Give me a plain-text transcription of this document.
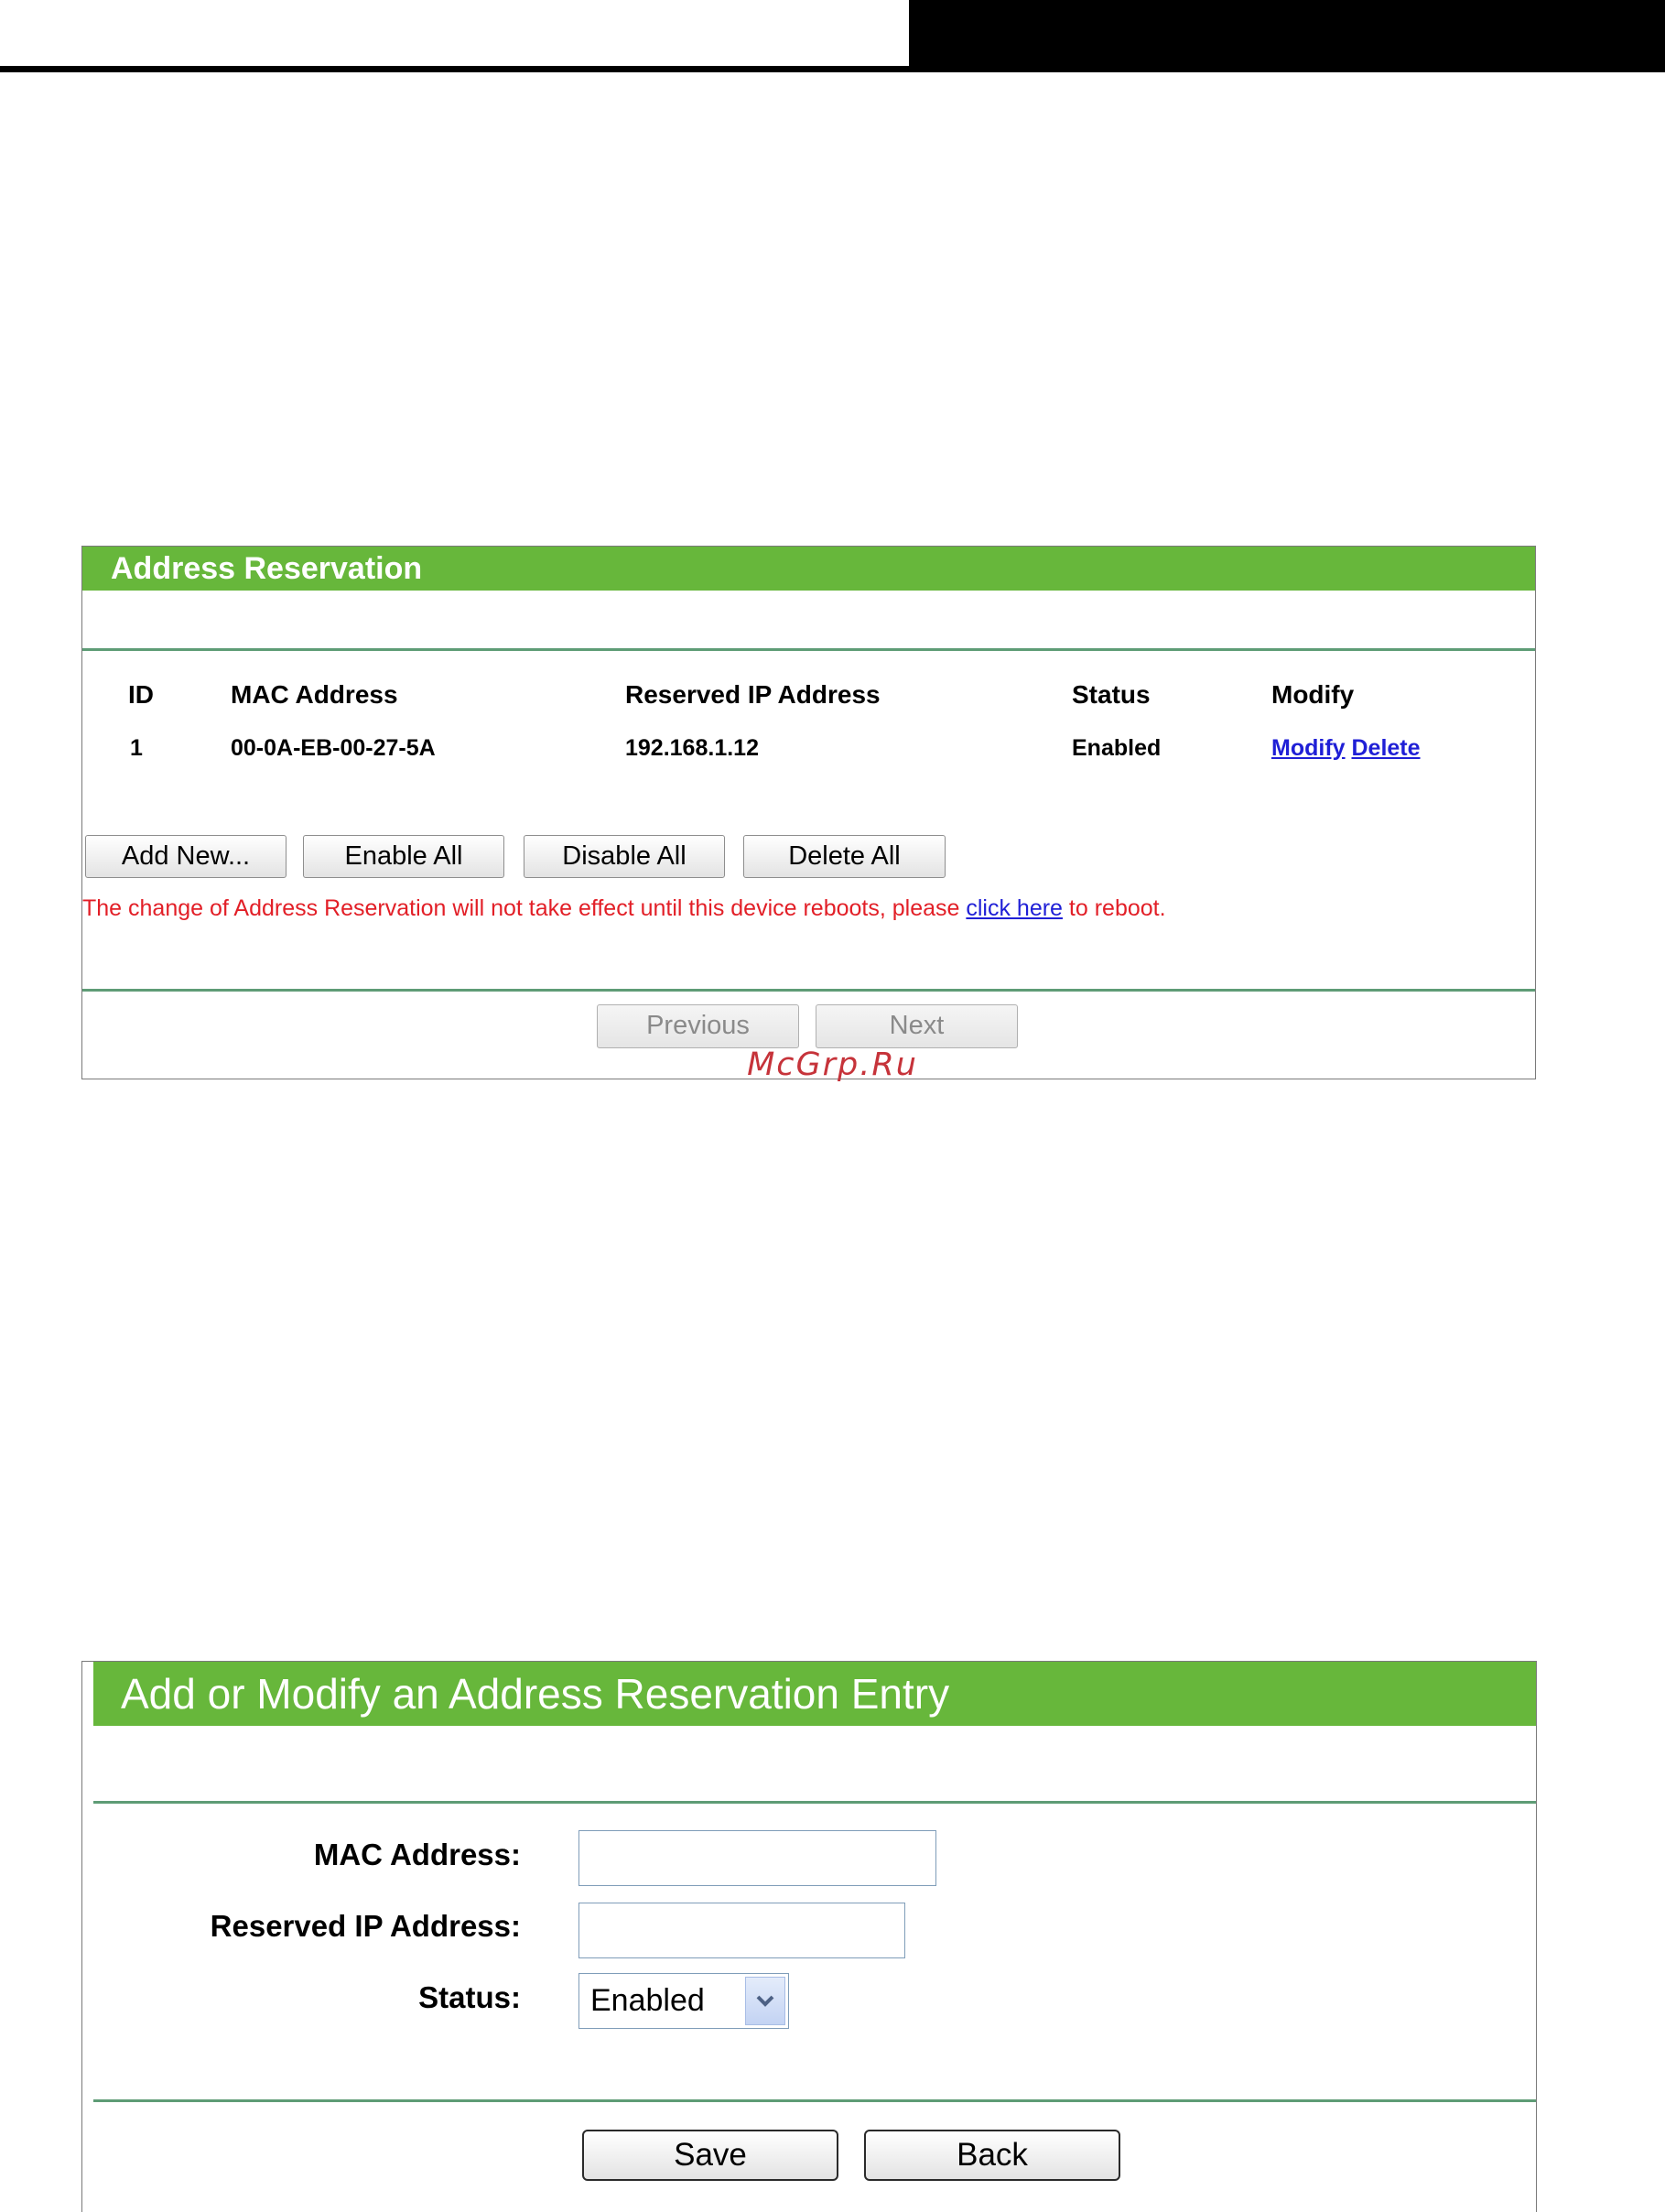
Address Reservation
ID	MAC Address	Reserved IP Address	Status	Modify
1	00-0A-EB-00-27-5A	192.168.1.12	Enabled	Modify Delete
Add New...	Enable All	Disable All	Delete All
The change of Address Reservation will not take effect until this device reboots, please click here to reboot.
Previous	Next
McGrp.Ru
Add or Modify an Address Reservation Entry
MAC Address:
Reserved IP Address:
Status: Enabled
Save	Back
